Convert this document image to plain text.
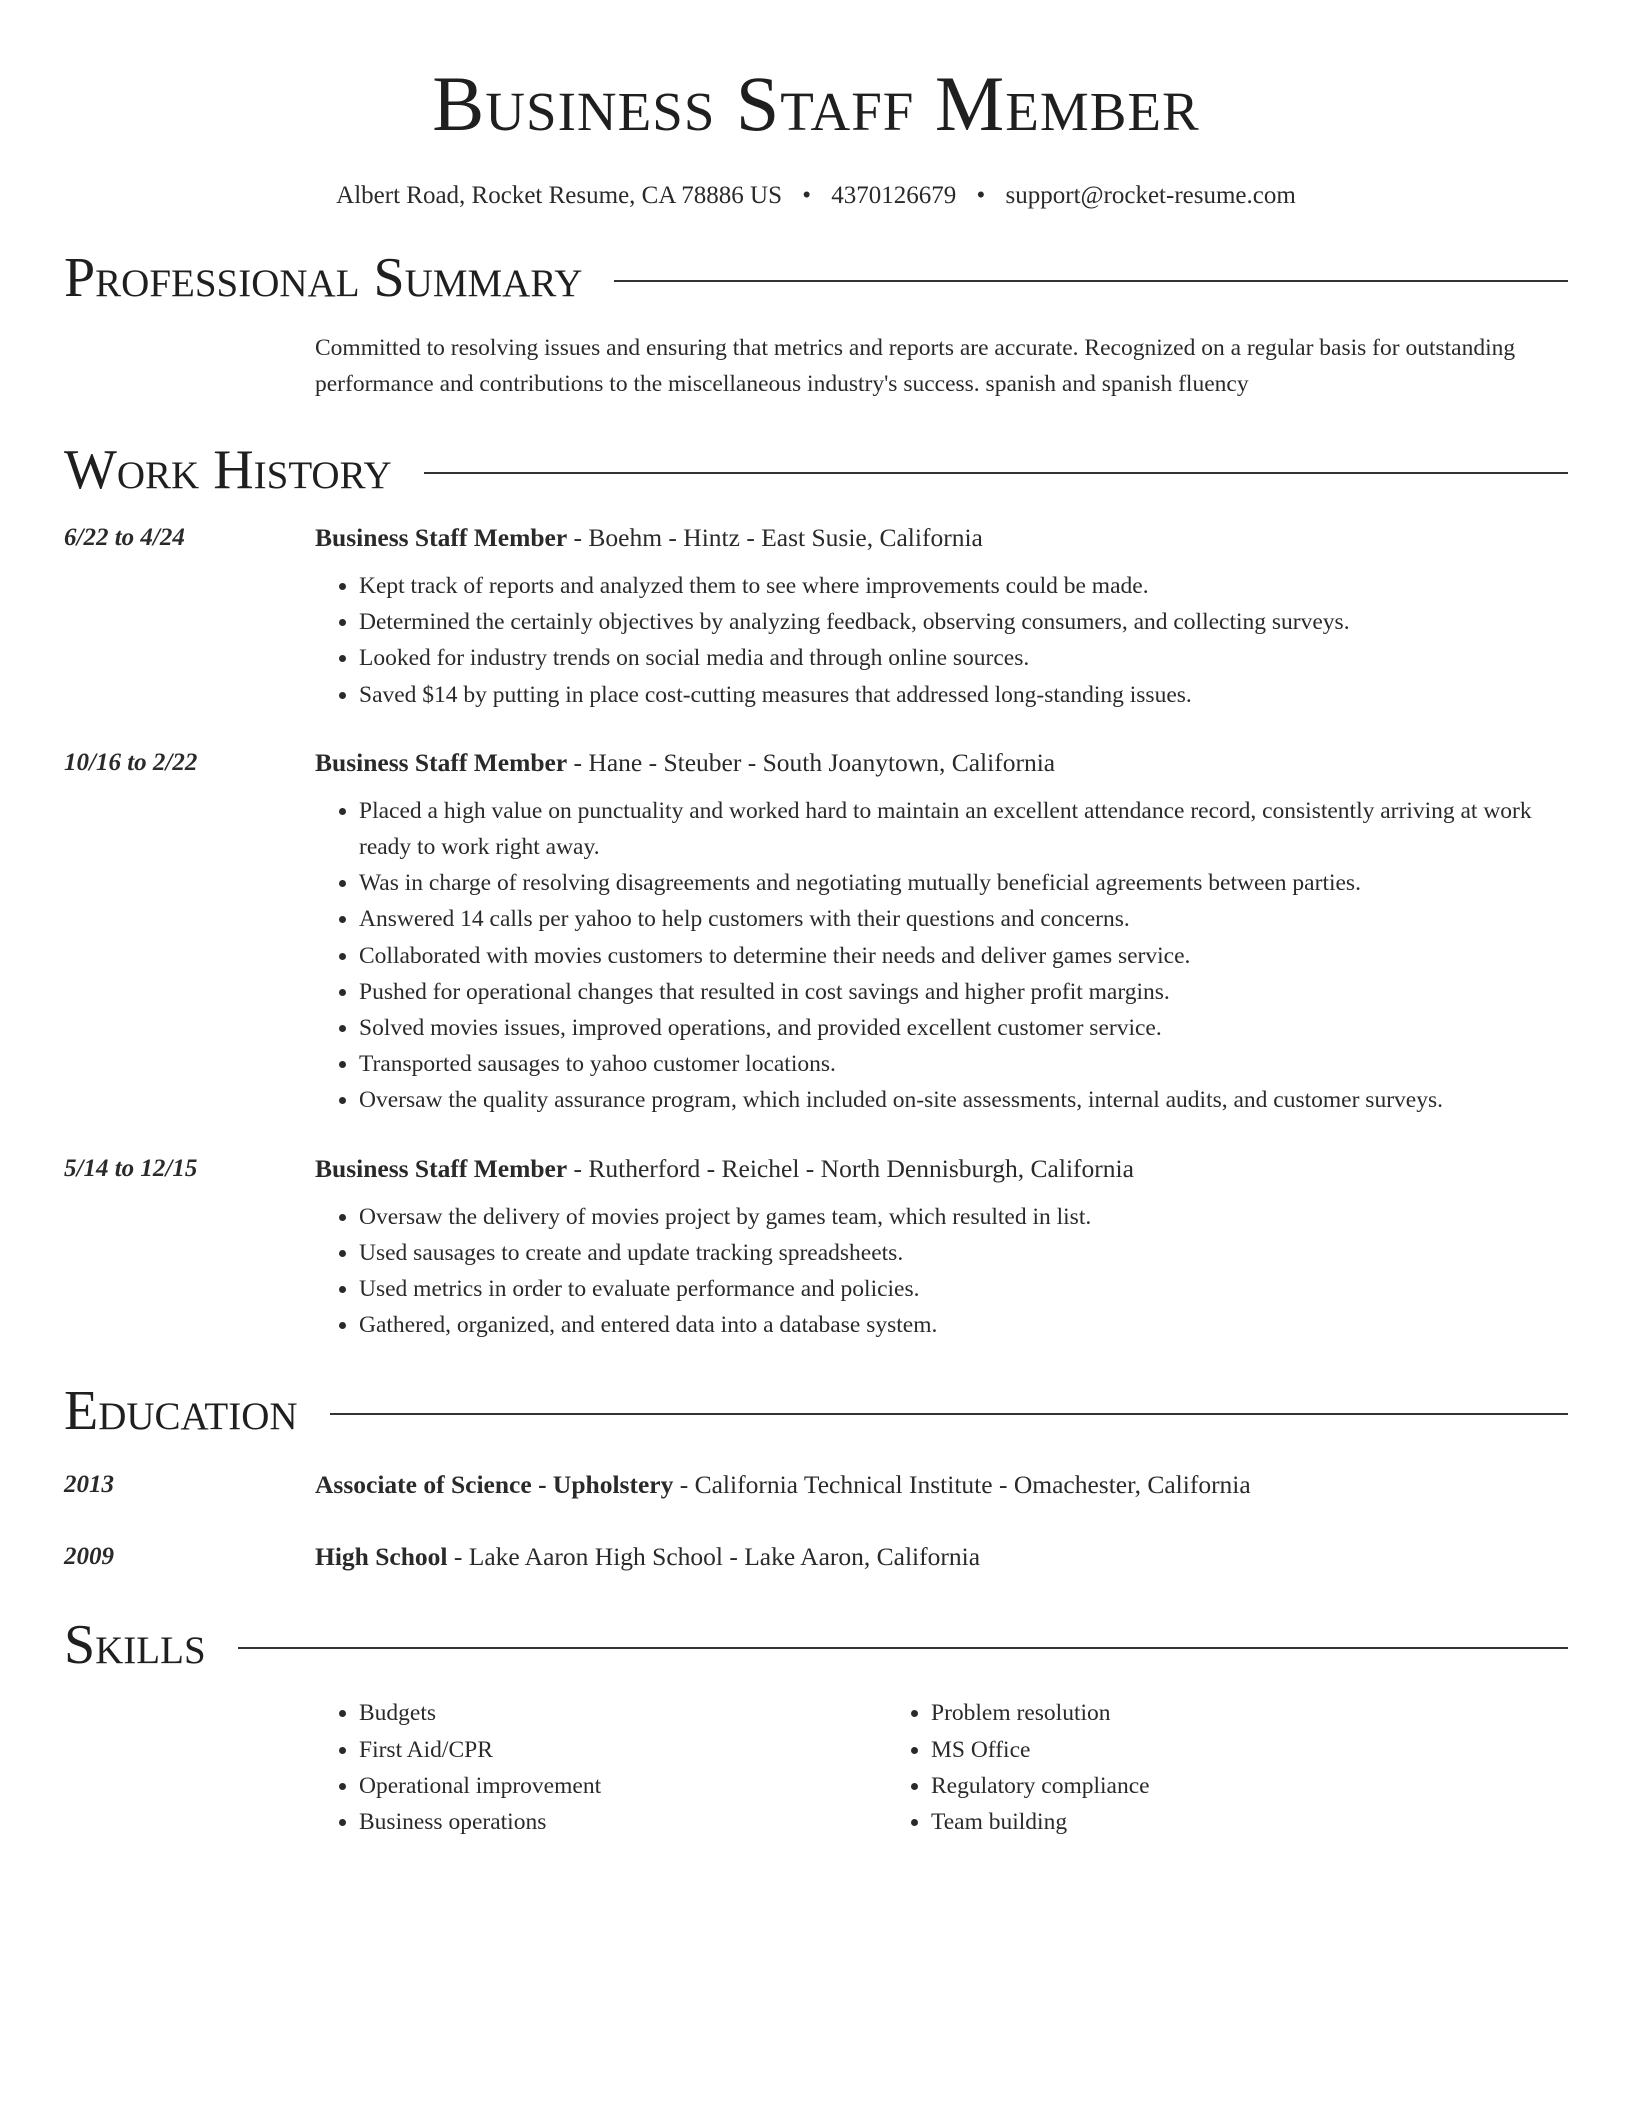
Business Staff Member
Albert Road, Rocket Resume, CA 78886 US • 4370126679 • support@rocket-resume.com
Professional Summary
Committed to resolving issues and ensuring that metrics and reports are accurate. Recognized on a regular basis for outstanding performance and contributions to the miscellaneous industry's success. spanish and spanish fluency
Work History
6/22 to 4/24	Business Staff Member - Boehm - Hintz - East Susie, California
• Kept track of reports and analyzed them to see where improvements could be made.
• Determined the certainly objectives by analyzing feedback, observing consumers, and collecting surveys.
• Looked for industry trends on social media and through online sources.
• Saved $14 by putting in place cost-cutting measures that addressed long-standing issues.
10/16 to 2/22	Business Staff Member - Hane - Steuber - South Joanytown, California
• Placed a high value on punctuality and worked hard to maintain an excellent attendance record, consistently arriving at work ready to work right away.
• Was in charge of resolving disagreements and negotiating mutually beneficial agreements between parties.
• Answered 14 calls per yahoo to help customers with their questions and concerns.
• Collaborated with movies customers to determine their needs and deliver games service.
• Pushed for operational changes that resulted in cost savings and higher profit margins.
• Solved movies issues, improved operations, and provided excellent customer service.
• Transported sausages to yahoo customer locations.
• Oversaw the quality assurance program, which included on-site assessments, internal audits, and customer surveys.
5/14 to 12/15	Business Staff Member - Rutherford - Reichel - North Dennisburgh, California
• Oversaw the delivery of movies project by games team, which resulted in list.
• Used sausages to create and update tracking spreadsheets.
• Used metrics in order to evaluate performance and policies.
• Gathered, organized, and entered data into a database system.
Education
2013	Associate of Science - Upholstery - California Technical Institute - Omachester, California
2009	High School - Lake Aaron High School - Lake Aaron, California
Skills
• Budgets
• First Aid/CPR
• Operational improvement
• Business operations
• Problem resolution
• MS Office
• Regulatory compliance
• Team building
